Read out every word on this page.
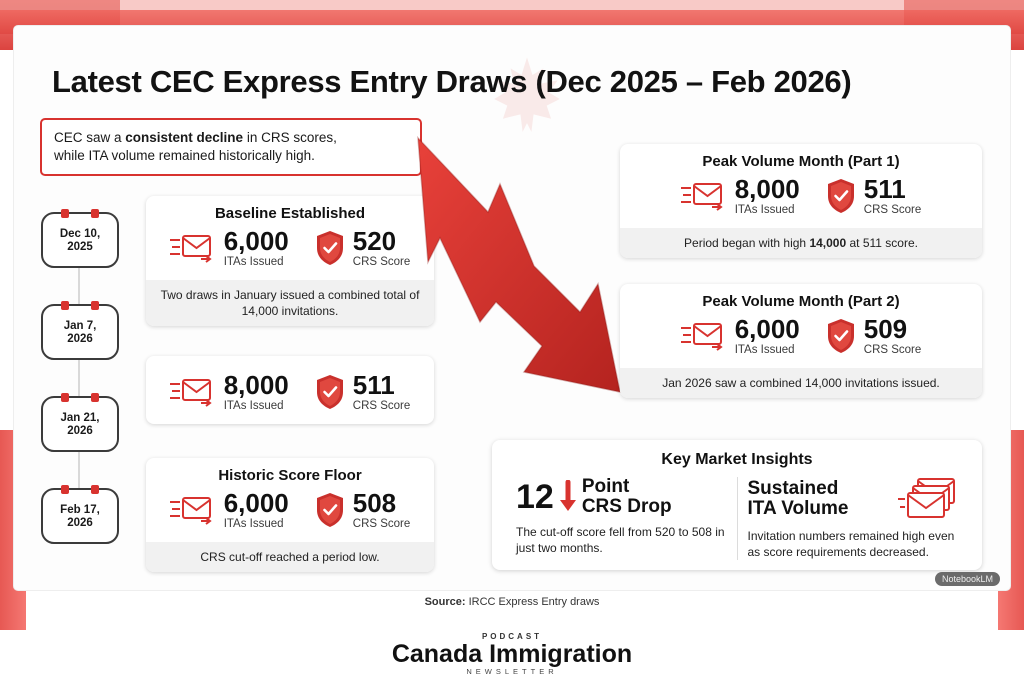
Latest CEC Express Entry Draws (Dec 2025 – Feb 2026)
CEC saw a consistent decline in CRS scores,
while ITA volume remained historically high.
Dec 10,
2025
Jan 7,
2026
Jan 21,
2026
Feb 17,
2026
Baseline Established
6,000
ITAs Issued
520
CRS Score
Two draws in January issued a combined total of 14,000 invitations.
8,000
ITAs Issued
511
CRS Score
Historic Score Floor
6,000
ITAs Issued
508
CRS Score
CRS cut-off reached a period low.
Peak Volume Month (Part 1)
8,000
ITAs Issued
511
CRS Score
Period began with high 14,000 at 511 score.
Peak Volume Month (Part 2)
6,000
ITAs Issued
509
CRS Score
Jan 2026 saw a combined 14,000 invitations issued.
Key Market Insights
12 Point
CRS Drop
The cut-off score fell from 520 to 508 in just two months.
Sustained
ITA Volume
Invitation numbers remained high even as score requirements decreased.
Source: IRCC Express Entry draws
NotebookLM
PODCAST
Canada Immigration
NEWSLETTER
